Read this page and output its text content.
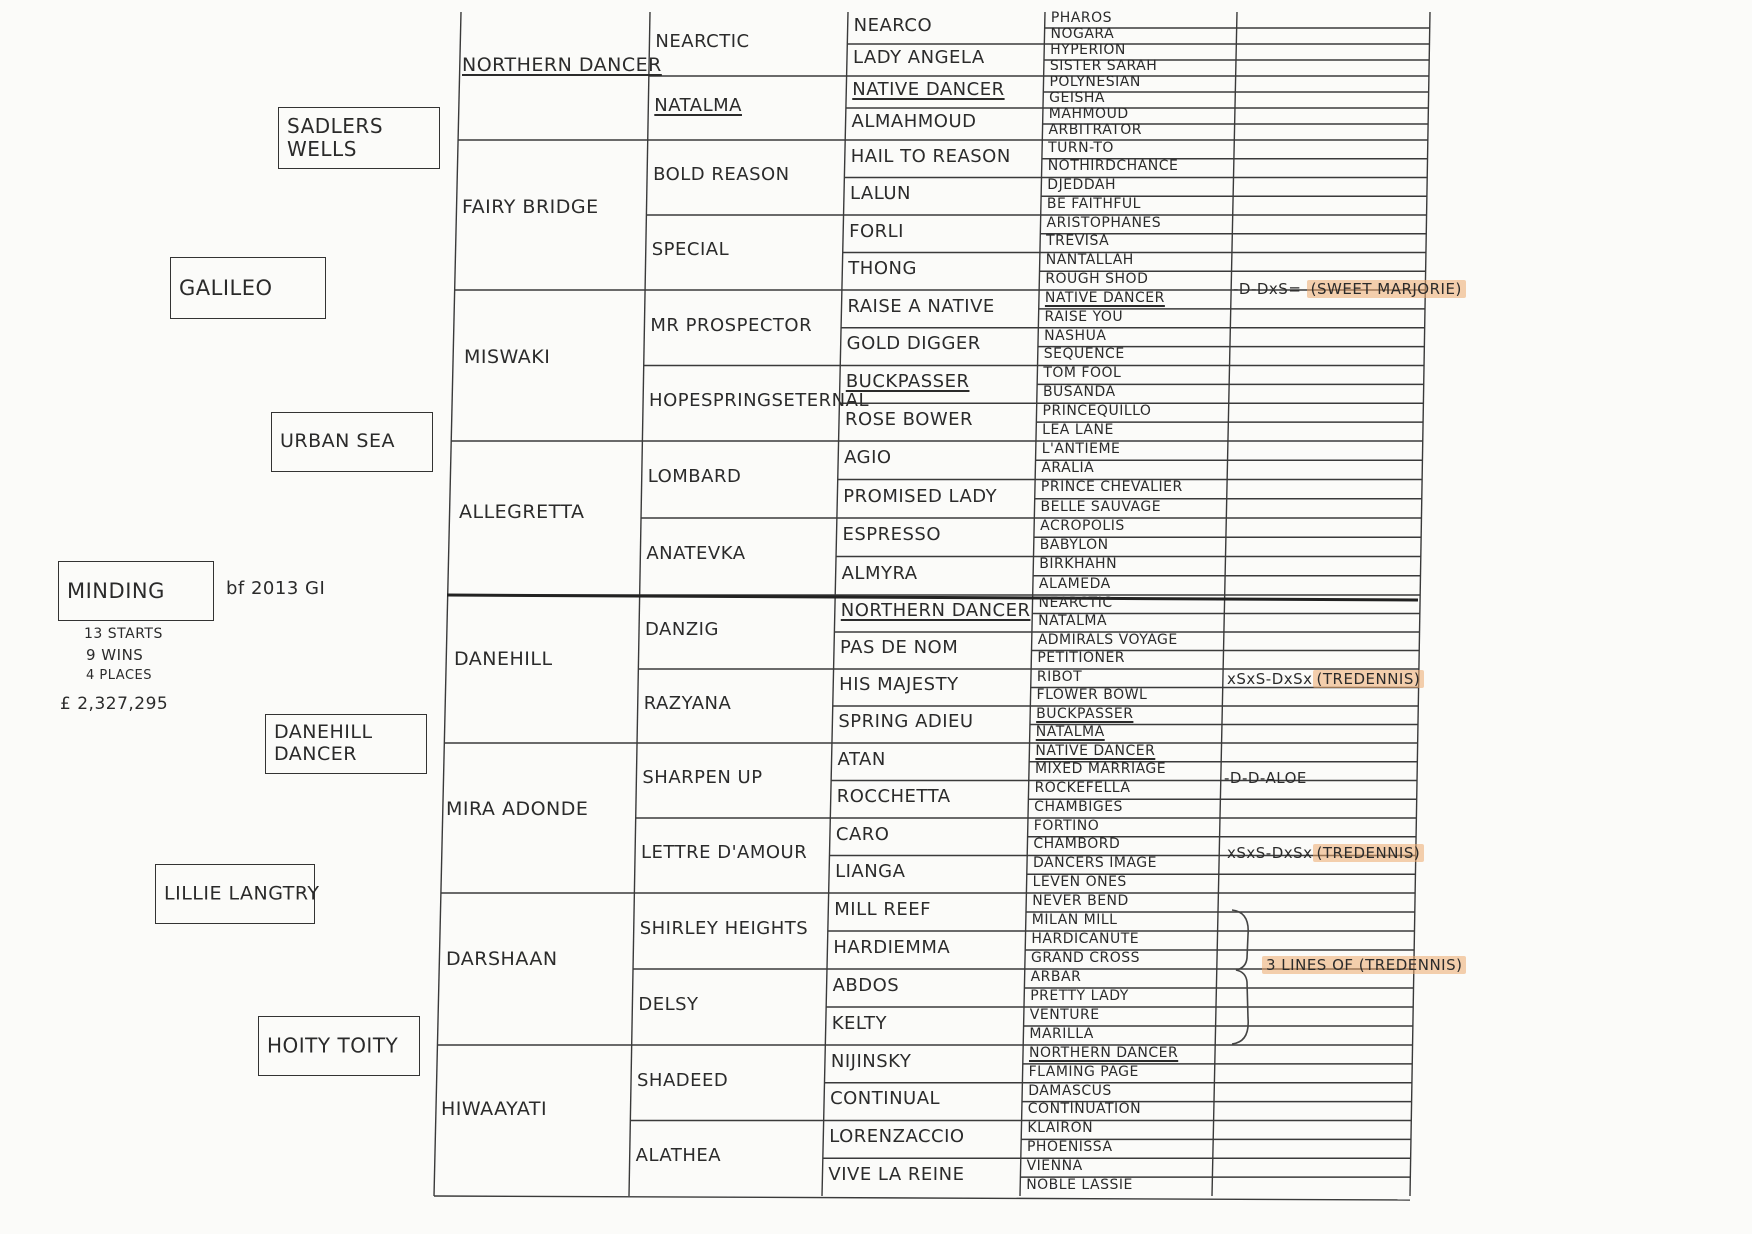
MINDING	bf 2013 GI
13 STARTS
9 WINS
4 PLACES
£ 2,327,295
GALILEO
LILLIE LANGTRY
SADLERS WELLS
URBAN SEA
DANEHILL DANCER
HOITY TOITY
NORTHERN DANCER
FAIRY BRIDGE
MISWAKI
ALLEGRETTA
DANEHILL
MIRA ADONDE
DARSHAAN
HIWAAYATI
NEARCTIC
NATALMA
BOLD REASON
SPECIAL
MR PROSPECTOR
HOPESPRINGSETERNAL
LOMBARD
ANATEVKA
DANZIG
RAZYANA
SHARPEN UP
LETTRE D'AMOUR
SHIRLEY HEIGHTS
DELSY
SHADEED
ALATHEA
NEARCO
LADY ANGELA
NATIVE DANCER
ALMAHMOUD
HAIL TO REASON
LALUN
FORLI
THONG
RAISE A NATIVE
GOLD DIGGER
BUCKPASSER
ROSE BOWER
AGIO
PROMISED LADY
ESPRESSO
ALMYRA
NORTHERN DANCER
PAS DE NOM
HIS MAJESTY
SPRING ADIEU
ATAN
ROCCHETTA
CARO
LIANGA
MILL REEF
HARDIEMMA
ABDOS
KELTY
NIJINSKY
CONTINUAL
LORENZACCIO
VIVE LA REINE
PHAROS
NOGARA
HYPERION
SISTER SARAH
POLYNESIAN
GEISHA
MAHMOUD
ARBITRATOR
TURN-TO
NOTHIRDCHANCE
DJEDDAH
BE FAITHFUL
ARISTOPHANES
TREVISA
NANTALLAH
ROUGH SHOD
NATIVE DANCER
RAISE YOU
NASHUA
SEQUENCE
TOM FOOL
BUSANDA
PRINCEQUILLO
LEA LANE
L'ANTIEME
ARALIA
PRINCE CHEVALIER
BELLE SAUVAGE
ACROPOLIS
BABYLON
BIRKHAHN
ALAMEDA
NEARCTIC
NATALMA
ADMIRALS VOYAGE
PETITIONER
RIBOT
FLOWER BOWL
BUCKPASSER
NATALMA
NATIVE DANCER
MIXED MARRIAGE
ROCKEFELLA
CHAMBIGES
FORTINO
CHAMBORD
DANCERS IMAGE
LEVEN ONES
NEVER BEND
MILAN MILL
HARDICANUTE
GRAND CROSS
ARBAR
PRETTY LADY
VENTURE
MARILLA
NORTHERN DANCER
FLAMING PAGE
DAMASCUS
CONTINUATION
KLAIRON
PHOENISSA
VIENNA
NOBLE LASSIE
-D-DxS= (SWEET MARJORIE)
xSxS-DxSx (TREDENNIS)
-D-D-ALOE
xSxS-DxSx (TREDENNIS)
3 LINES OF (TREDENNIS)
